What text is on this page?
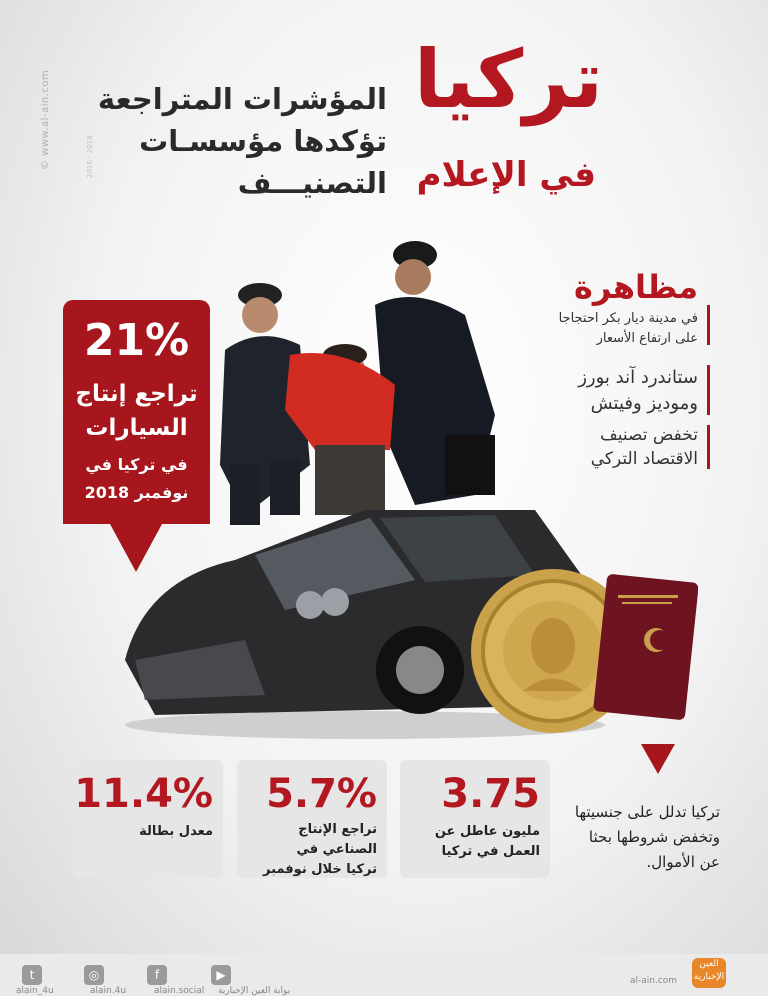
تركيا
في الإعلام
المؤشرات المتراجعة
تؤكدها مؤسسـات
التصنيـــف
© www.al-ain.com
2016 - 2018
21%
تراجع إنتاج
السيارات
في تركيا في
نوفمبر 2018
مظاهرة
في مدينة ديار بكر احتجاجا
على ارتفاع الأسعار
ستاندرد آند بورز
وموديز وفيتش
تخفض تصنيف
الاقتصاد التركي
تركيا تدلل على جنسيتها
وتخفض شروطها بحثا
عن الأموال.
3.75
مليون عاطل عن
العمل في تركيا
5.7%
تراجع الإنتاج
الصناعي في
تركيا خلال نوفمبر
11.4%
معدل بطالة
t
alain_4u
◎
alain.4u
f
alain.social
▶
بوابة العين الإخبارية
al-ain.com
العين الإخبارية
